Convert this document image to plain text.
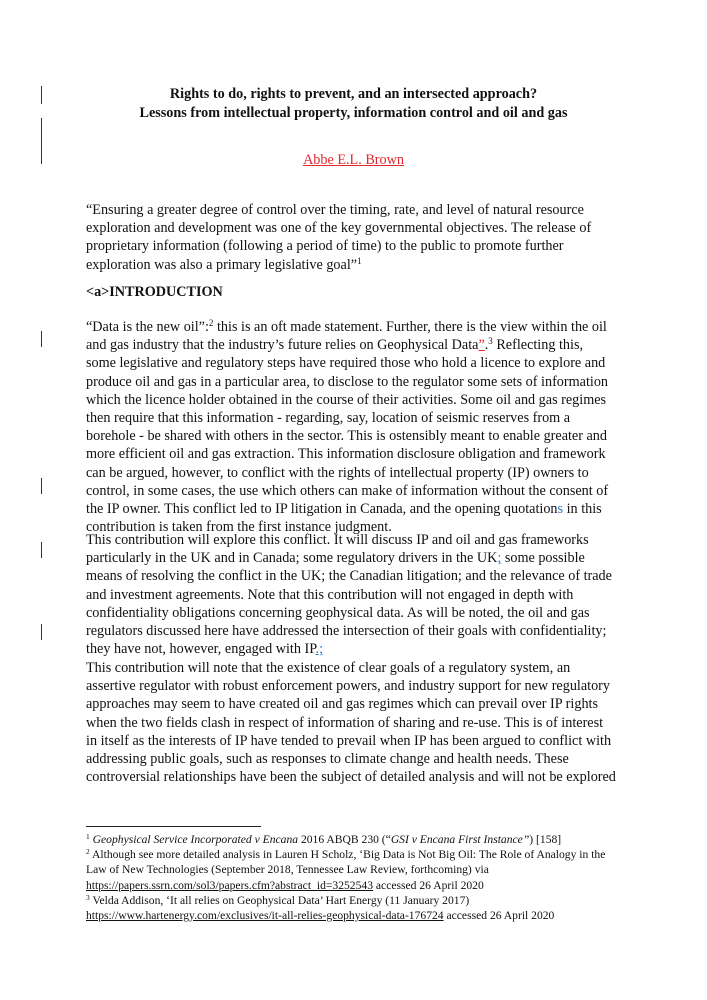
Rights to do, rights to prevent, and an intersected approach?
Lessons from intellectual property, information control and oil and gas
Abbe E.L. Brown
“Ensuring a greater degree of control over the timing, rate, and level of natural resource
exploration and development was one of the key governmental objectives. The release of
proprietary information (following a period of time) to the public to promote further
exploration was also a primary legislative goal”$^1$
<a>INTRODUCTION
“Data is the new oil”:$^2$ this is an oft made statement. Further, there is the view within the oil
and gas industry that the industry’s future relies on Geophysical Data”.$^3$ Reflecting this,
some legislative and regulatory steps have required those who hold a licence to explore and
produce oil and gas in a particular area, to disclose to the regulator some sets of information
which the licence holder obtained in the course of their activities. Some oil and gas regimes
then require that this information - regarding, say, location of seismic reserves from a
borehole - be shared with others in the sector. This is ostensibly meant to enable greater and
more efficient oil and gas extraction. This information disclosure obligation and framework
can be argued, however, to conflict with the rights of intellectual property (IP) owners to
control, in some cases, the use which others can make of information without the consent of
the IP owner. This conflict led to IP litigation in Canada, and the opening quotations in this
contribution is taken from the first instance judgment.
This contribution will explore this conflict. It will discuss IP and oil and gas frameworks
particularly in the UK and in Canada; some regulatory drivers in the UK; some possible
means of resolving the conflict in the UK; the Canadian litigation; and the relevance of trade
and investment agreements. Note that this contribution will not engaged in depth with
confidentiality obligations concerning geophysical data. As will be noted, the oil and gas
regulators discussed here have addressed the intersection of their goals with confidentiality;
they have not, however, engaged with IP.;
This contribution will note that the existence of clear goals of a regulatory system, an
assertive regulator with robust enforcement powers, and industry support for new regulatory
approaches may seem to have created oil and gas regimes which can prevail over IP rights
when the two fields clash in respect of information of sharing and re-use. This is of interest
in itself as the interests of IP have tended to prevail when IP has been argued to conflict with
addressing public goals, such as responses to climate change and health needs. These
controversial relationships have been the subject of detailed analysis and will not be explored
$^1$ Geophysical Service Incorporated v Encana 2016 ABQB 230 (“GSI v Encana First Instance”) [158]
$^2$ Although see more detailed analysis in Lauren H Scholz, ‘Big Data is Not Big Oil: The Role of Analogy in the
Law of New Technologies (September 2018, Tennessee Law Review, forthcoming) via
https://papers.ssrn.com/sol3/papers.cfm?abstract_id=3252543 accessed 26 April 2020
$^3$ Velda Addison, ‘It all relies on Geophysical Data’ Hart Energy (11 January 2017)
https://www.hartenergy.com/exclusives/it-all-relies-geophysical-data-176724 accessed 26 April 2020
